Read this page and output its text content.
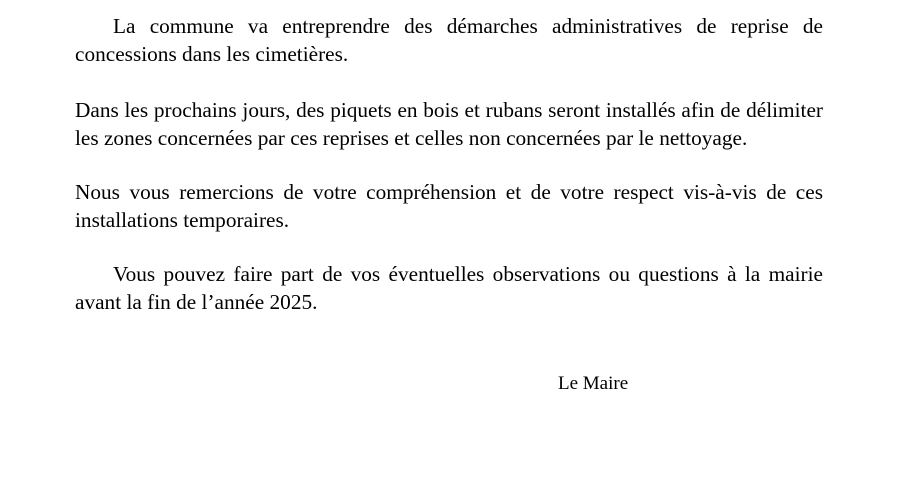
La commune va entreprendre des démarches administratives de reprise de concessions dans les cimetières.

Dans les prochains jours, des piquets en bois et rubans seront installés afin de délimiter les zones concernées par ces reprises et celles non concernées par le nettoyage.

Nous vous remercions de votre compréhension et de votre respect vis-à-vis de ces installations temporaires.

Vous pouvez faire part de vos éventuelles observations ou questions à la mairie avant la fin de l’année 2025.

Le Maire
